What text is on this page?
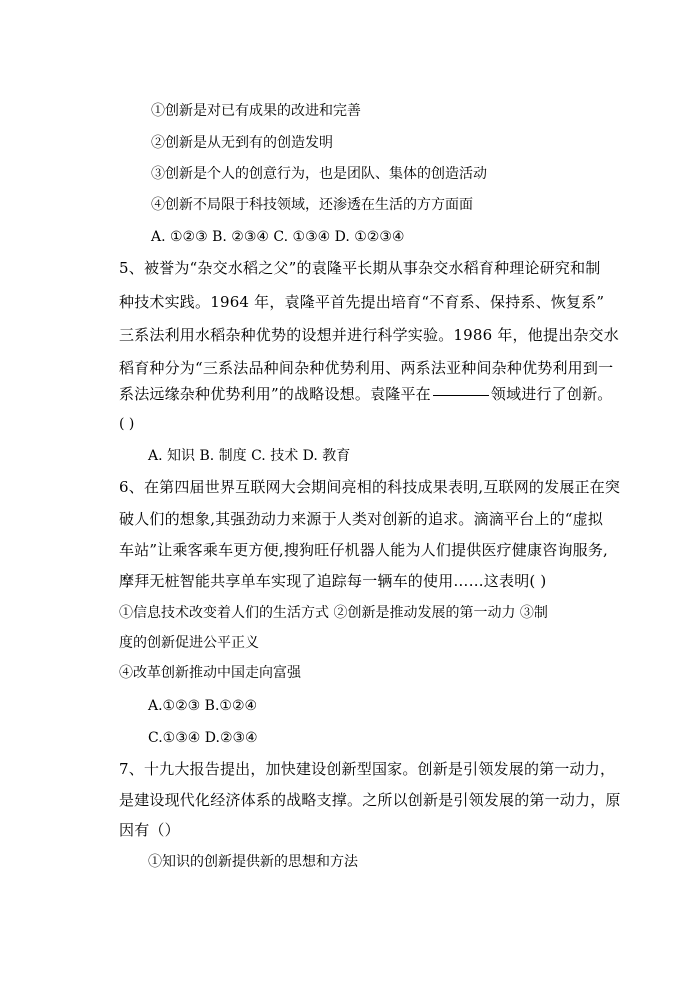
①创新是对已有成果的改进和完善
②创新是从无到有的创造发明
③创新是个人的创意行为，也是团队、集体的创造活动
④创新不局限于科技领域，还渗透在生活的方方面面
A. ①②③ B. ②③④ C. ①③④ D. ①②③④
5、被誉为“杂交水稻之父”的袁隆平长期从事杂交水稻育种理论研究和制
种技术实践。1964 年，袁隆平首先提出培育“不育系、保持系、恢复系”
三系法利用水稻杂种优势的设想并进行科学实验。1986 年，他提出杂交水
稻育种分为“三系法品种间杂种优势利用、两系法亚种间杂种优势利用到一
系法远缘杂种优势利用”的战略设想。袁隆平在	领域进行了创新。
( )
A. 知识 B. 制度 C. 技术 D. 教育
6、在第四届世界互联网大会期间亮相的科技成果表明,互联网的发展正在突
破人们的想象,其强劲动力来源于人类对创新的追求。滴滴平台上的“虚拟
车站”让乘客乘车更方便,搜狗旺仔机器人能为人们提供医疗健康咨询服务,
摩拜无桩智能共享单车实现了追踪每一辆车的使用……这表明( )
①信息技术改变着人们的生活方式 ②创新是推动发展的第一动力 ③制
度的创新促进公平正义
④改革创新推动中国走向富强
A.①②③ B.①②④
C.①③④ D.②③④
7、十九大报告提出，加快建设创新型国家。创新是引领发展的第一动力，
是建设现代化经济体系的战略支撑。之所以创新是引领发展的第一动力，原
因有（）
①知识的创新提供新的思想和方法
